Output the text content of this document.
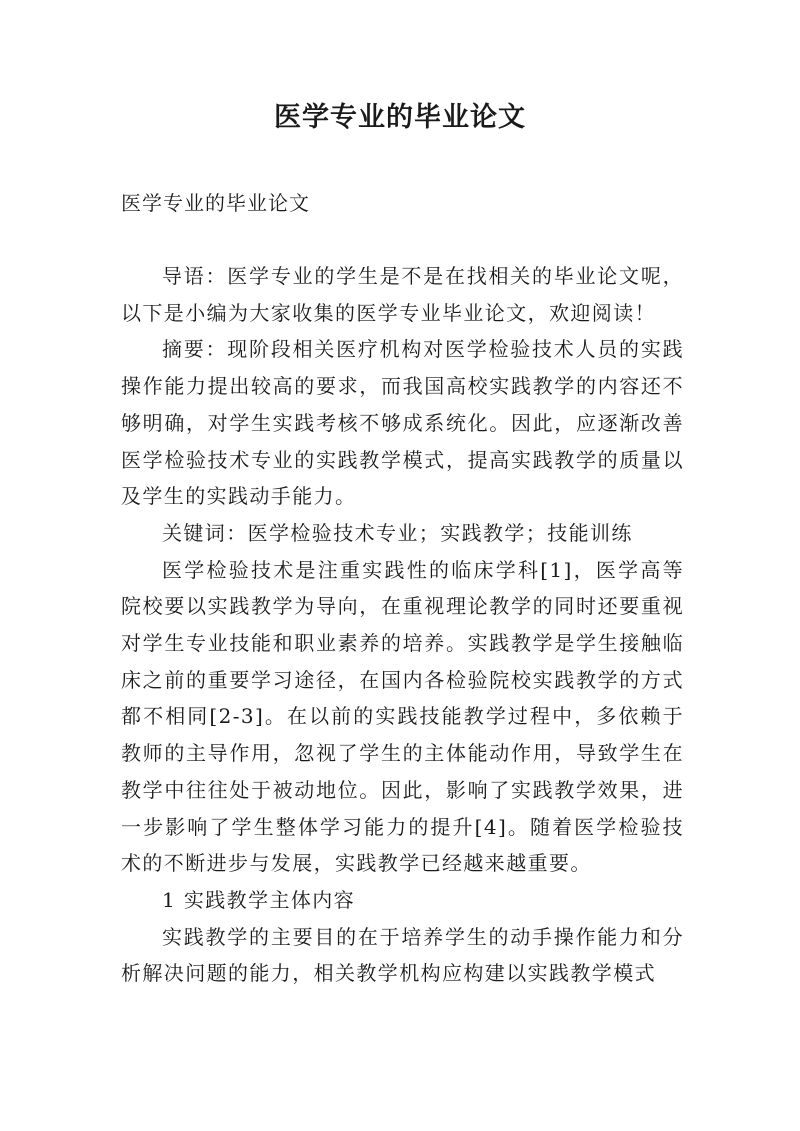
医学专业的毕业论文

医学专业的毕业论文

导语：医学专业的学生是不是在找相关的毕业论文呢，以下是小编为大家收集的医学专业毕业论文，欢迎阅读！

摘要：现阶段相关医疗机构对医学检验技术人员的实践操作能力提出较高的要求，而我国高校实践教学的内容还不够明确，对学生实践考核不够成系统化。因此，应逐渐改善医学检验技术专业的实践教学模式，提高实践教学的质量以及学生的实践动手能力。

关键词：医学检验技术专业；实践教学；技能训练

医学检验技术是注重实践性的临床学科[1]，医学高等院校要以实践教学为导向，在重视理论教学的同时还要重视对学生专业技能和职业素养的培养。实践教学是学生接触临床之前的重要学习途径，在国内各检验院校实践教学的方式都不相同[2-3]。在以前的实践技能教学过程中，多依赖于教师的主导作用，忽视了学生的主体能动作用，导致学生在教学中往往处于被动地位。因此，影响了实践教学效果，进一步影响了学生整体学习能力的提升[4]。随着医学检验技术的不断进步与发展，实践教学已经越来越重要。

1 实践教学主体内容

实践教学的主要目的在于培养学生的动手操作能力和分析解决问题的能力，相关教学机构应构建以实践教学模式
